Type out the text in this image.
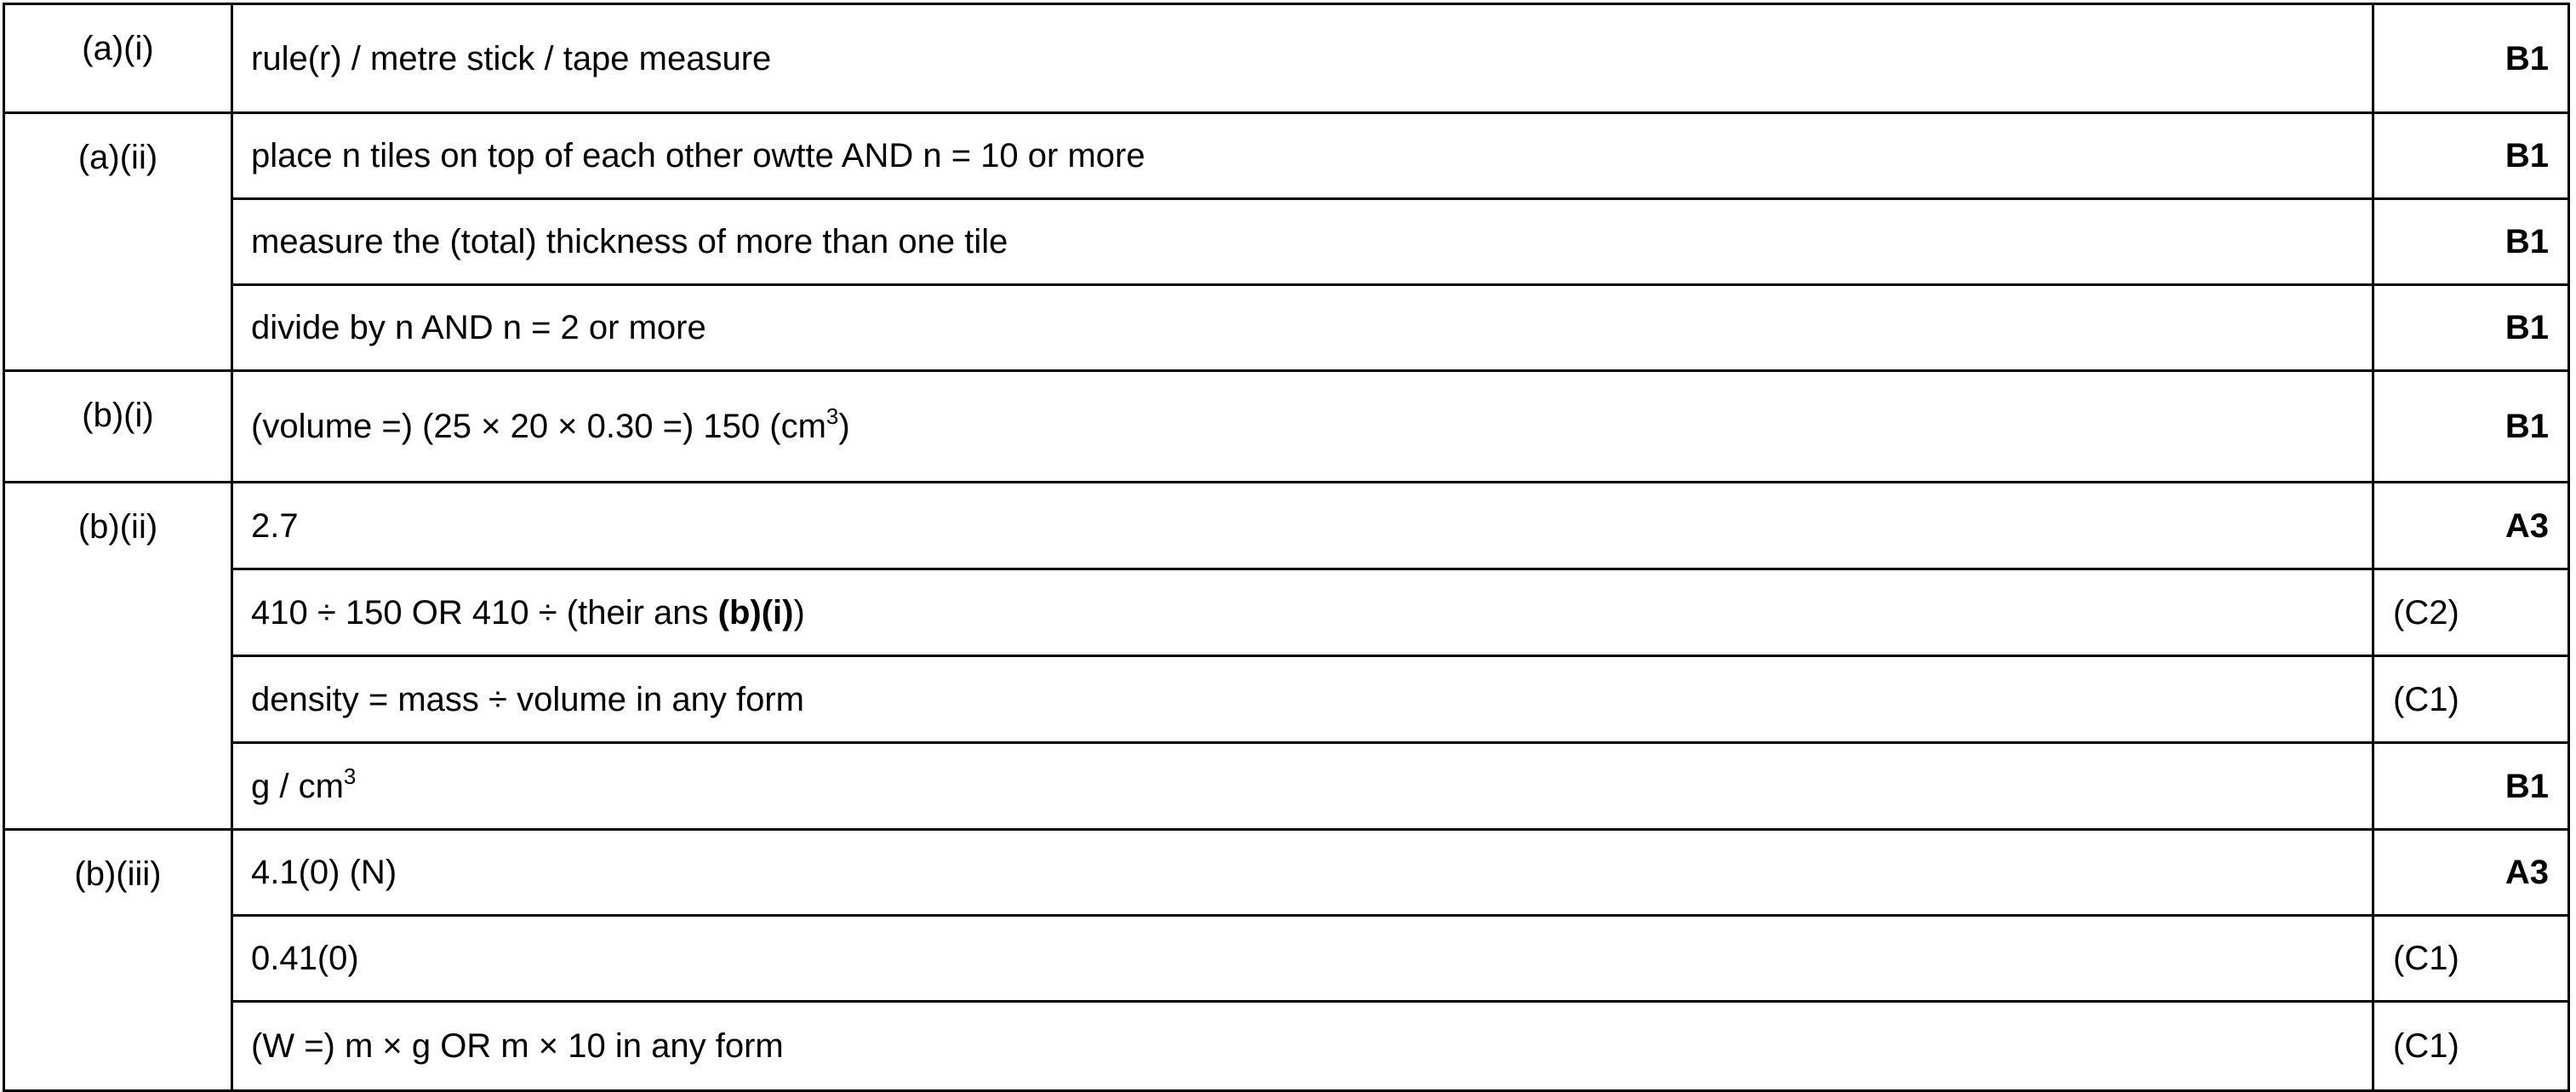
(a)(i)	rule(r) / metre stick / tape measure	B1
(a)(ii)	place n tiles on top of each other owtte AND n = 10 or more	B1
	measure the (total) thickness of more than one tile	B1
	divide by n AND n = 2 or more	B1
(b)(i)	(volume =) (25 × 20 × 0.30 =) 150 $(cm^3)$	B1
(b)(ii)	2.7	A3
	410 ÷ 150 OR 410 ÷ (their ans (b)(i))	(C2)
	density = mass ÷ volume in any form	(C1)
	g / $cm^3$	B1
(b)(iii)	4.1(0) (N)	A3
	0.41(0)	(C1)
	(W =) m × g OR m × 10 in any form	(C1)
